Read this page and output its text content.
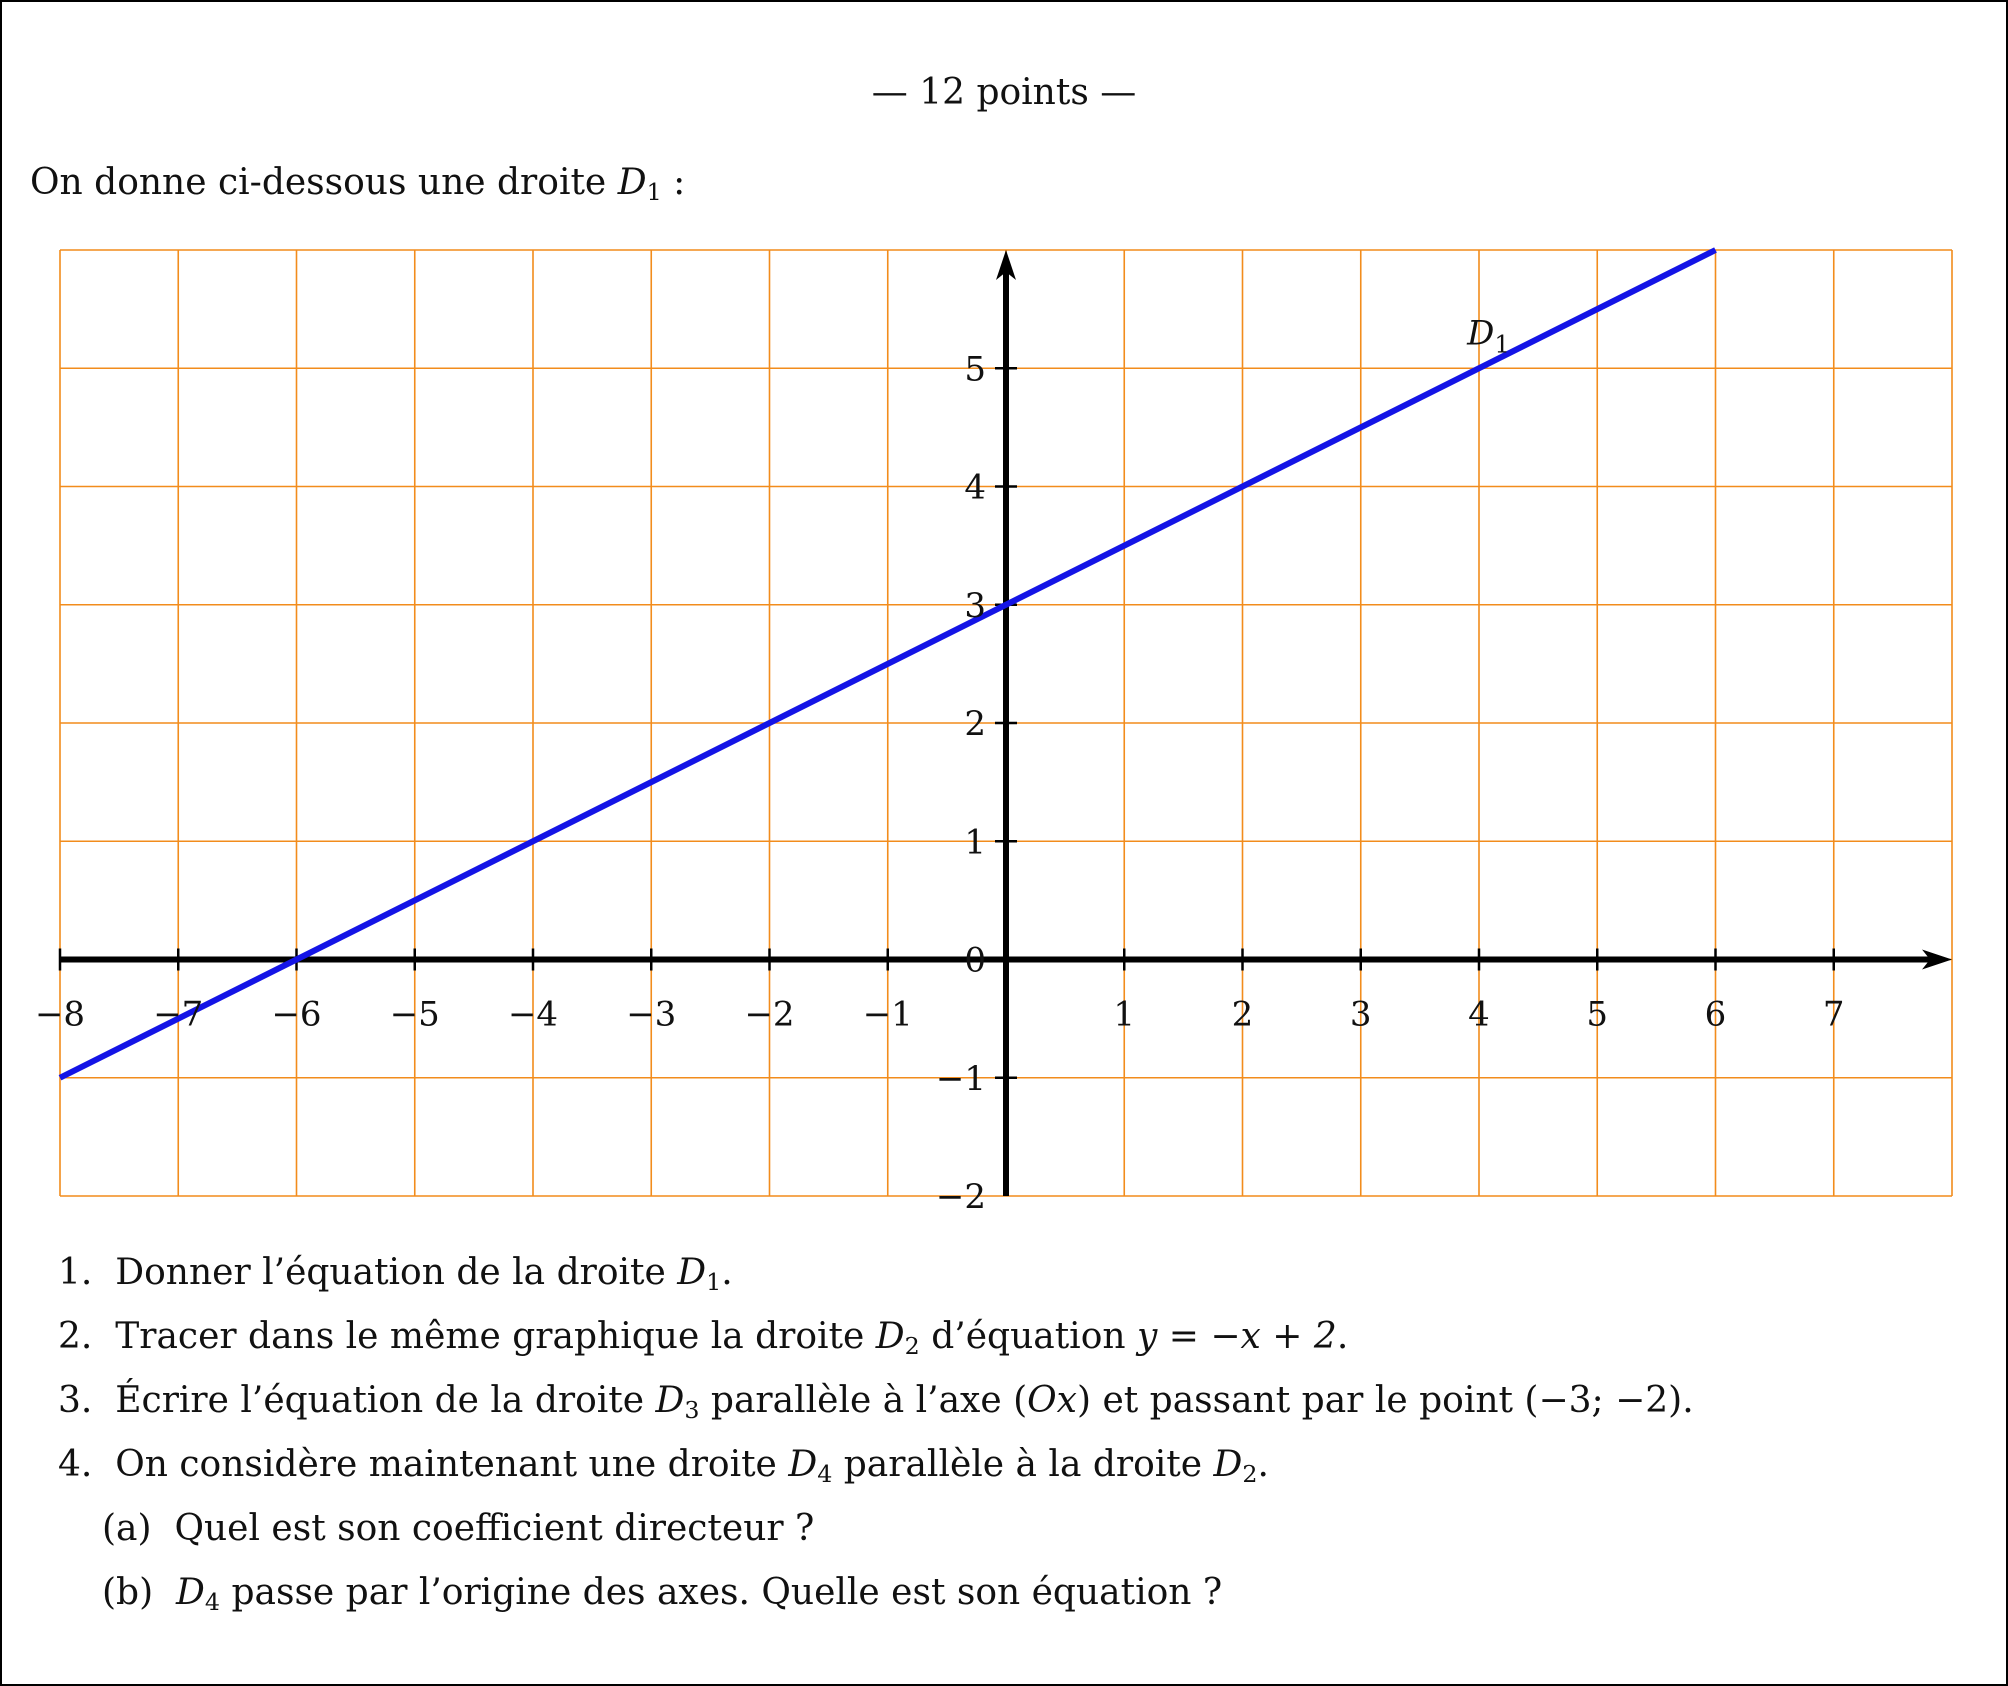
— 12 points —
On donne ci-dessous une droite $D_1$ :
$D_1$
−8 −7 −6 −5 −4 −3 −2 −1	1	2	3	4	5	6	7
5
4
3
2
1
0
−1
−2
1. Donner l’équation de la droite $D_1$.
2. Tracer dans le même graphique la droite $D_2$ d’équation y = −x + 2.
3. Écrire l’équation de la droite $D_3$ parallèle à l’axe (Ox) et passant par le point (−3; −2).
4. On considère maintenant une droite $D_4$ parallèle à la droite $D_2$.
(a) Quel est son coefficient directeur ?
(b) $D_4$ passe par l’origine des axes. Quelle est son équation ?
